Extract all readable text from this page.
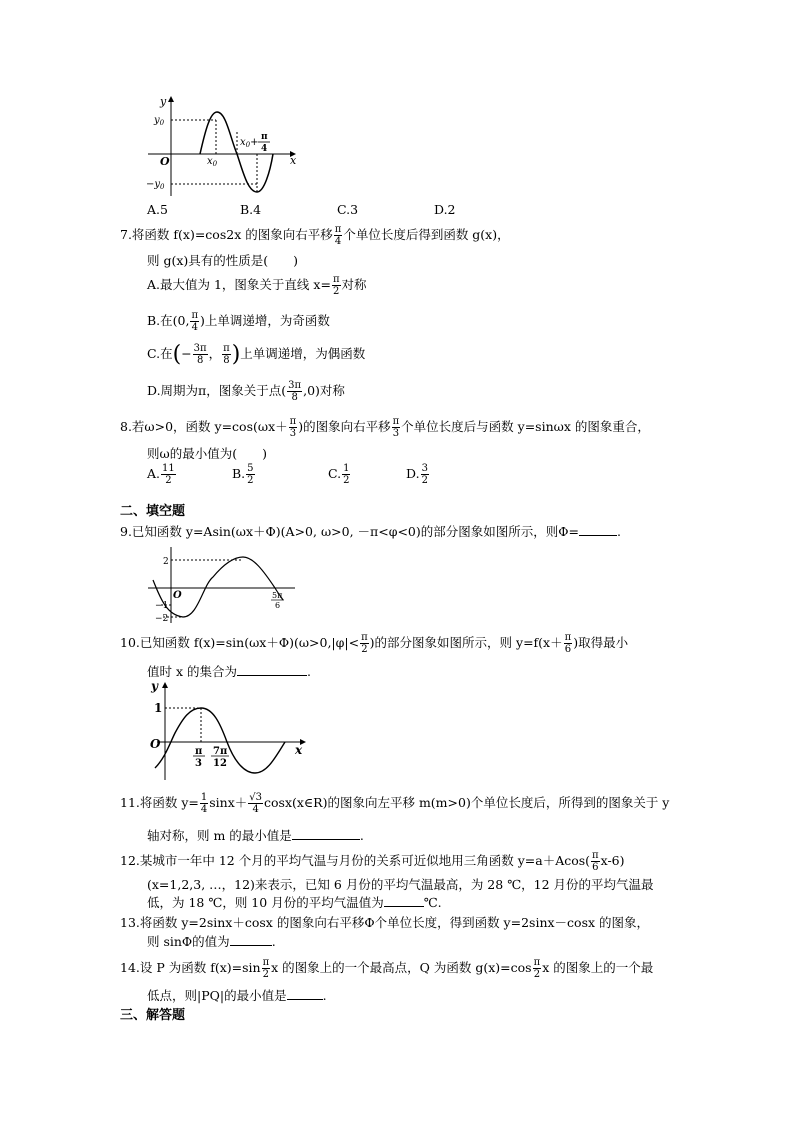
y
x
O
$y_0$
$-y_0$
$x_0$
$x_0+ \pi$
4
A.5	B.4	C.3	D.2
7.将函数 f(x)=cos2x 的图象向右平移 $\frac{\pi}{4}$ 个单位长度后得到函数 g(x)，
则 g(x)具有的性质是(　　)
A.最大值为 1，图象关于直线 $x= \frac{\pi}{2}$ 对称
B.在(0, $\frac{\pi}{4}$ )上单调递增，为奇函数
C.在(− $\frac{3\pi}{8}$ ， $\frac{\pi}{8}$ )上单调递增，为偶函数
D.周期为π，图象关于点( $\frac{3\pi}{8} ,0$)对称
8.若ω>0，函数 $y=\cos(\omega x+ \frac{\pi}{3}$ )的图象向右平移 $\frac{\pi}{3}$ 个单位长度后与函数 y=sinωx 的图象重合，
则ω的最小值为(　　)
A. $\frac{11}{2}$	B. $\frac{5}{2}$	C. $\frac{1}{2}$	D. $\frac{3}{2}$
二、填空题
9.已知函数 y=Asin(ωx＋Φ)(A>0, ω>0, －π<φ<0)的部分图象如图所示，则Φ=	.
2
−1
−2
O	5π
6
10.已知函数 $f(x)=\sin(\omega x+\Phi)(\omega>0,|\varphi|< \frac{\pi}{2}$ )的部分图象如图所示，则 $y=f(x+ \frac{\pi}{6}$ )取得最小
值时 x 的集合为	.
y
x
O
1
π
3
7π
12
11.将函数 $y= \frac{1}{4} \sin x+ \frac{√3}{4}$ cosx(x∈R)的图象向左平移 m(m>0)个单位长度后，所得到的图象关于 y
轴对称，则 m 的最小值是	.
12.某城市一年中 12 个月的平均气温与月份的关系可近似地用三角函数 $y=a+Acos( \frac{\pi}{6} x-6)$
(x=1,2,3, …，12)来表示，已知 6 月份的平均气温最高，为 28 ℃，12 月份的平均气温最
低，为 18 ℃，则 10 月份的平均气温值为	℃.
13.将函数 y=2sinx＋cosx 的图象向右平移Φ个单位长度，得到函数 y=2sinx－cosx 的图象，
则 sinΦ的值为	.
14.设 P 为函数 $f(x)=\sin \frac{\pi}{2}$ x 的图象上的一个最高点，Q 为函数 $g(x)=\cos \frac{\pi}{2}$ x 的图象上的一个最
低点，则|PQ|的最小值是	.
三、解答题
